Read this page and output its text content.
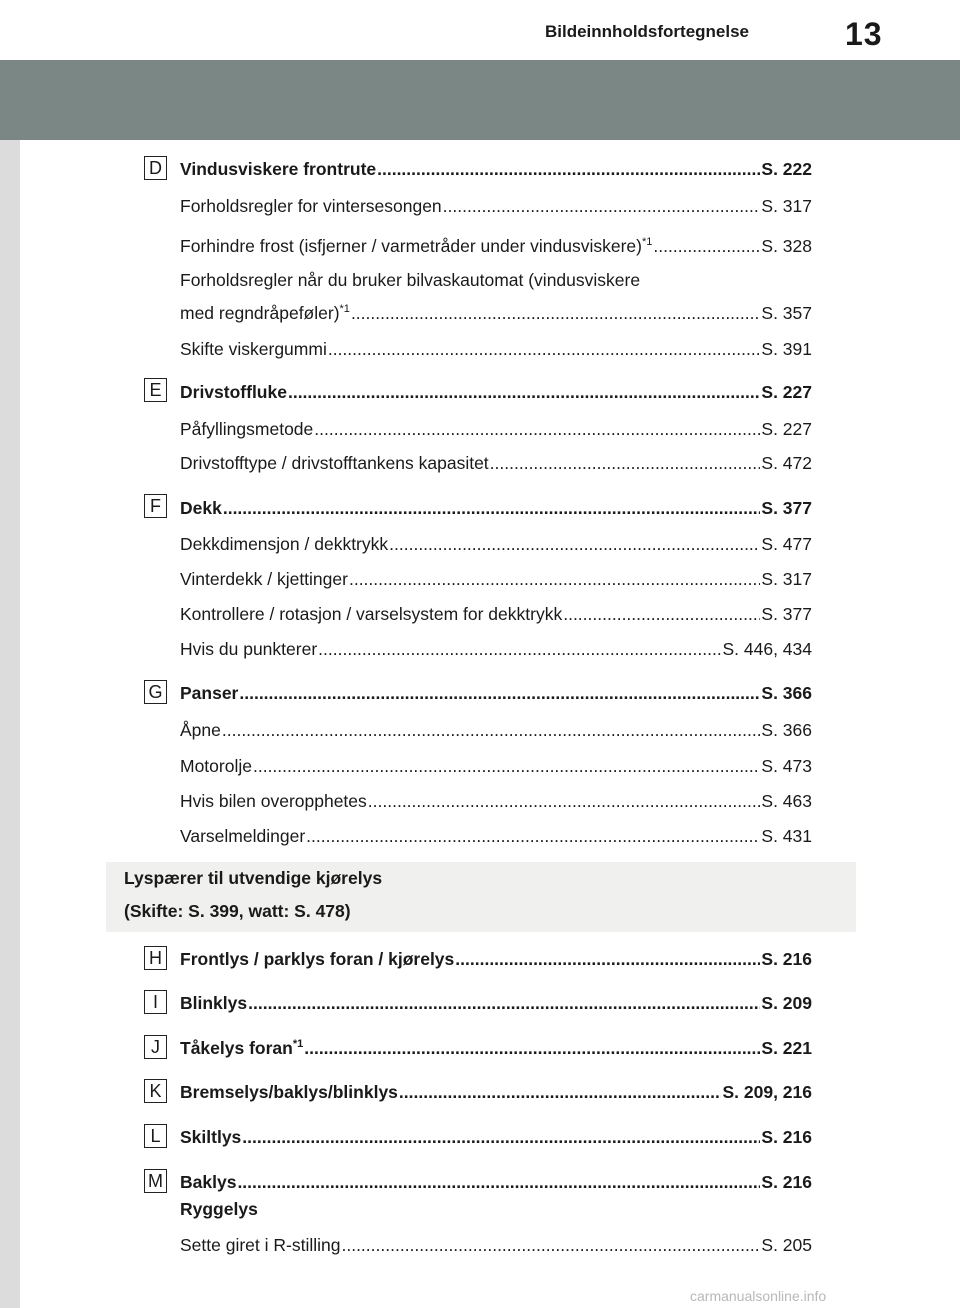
Bildeinnholdsfortegnelse	13
D Vindusviskere frontrute .....	S. 222
Forholdsregler for vintersesongen .....	S. 317
Forhindre frost (isfjerner / varmetråder under vindusviskere)$^{*1}$ .....	S. 328
Forholdsregler når du bruker bilvaskautomat (vindusviskere
med regndråpeføler)$^{*1}$ .....	S. 357
Skifte viskergummi .....	S. 391
E	Drivstoffluke .....	S. 227
Påfyllingsmetode .....	S. 227
Drivstofftype / drivstofftankens kapasitet .....	S. 472
F	Dekk .....	S. 377
Dekkdimensjon / dekktrykk .....	S. 477
Vinterdekk / kjettinger .....	S. 317
Kontrollere / rotasjon / varselsystem for dekktrykk .....	S. 377
Hvis du punkterer .....	S. 446, 434
G Panser .....	S. 366
Åpne .....	S. 366
Motorolje .....	S. 473
Hvis bilen overopphetes .....	S. 463
Varselmeldinger .....	S. 431
Lyspærer til utvendige kjørelys
(Skifte: S. 399, watt: S. 478)
H Frontlys / parklys foran / kjørelys .....	S. 216
I	Blinklys .....	S. 209
J	Tåkelys foran$^{*1}$ .....	S. 221
K	Bremselys/baklys/blinklys .....	S. 209, 216
L	Skiltlys .....	S. 216
M Baklys .....	S. 216
Ryggelys
Sette giret i R-stilling .....	S. 205
carmanualsonline.info
